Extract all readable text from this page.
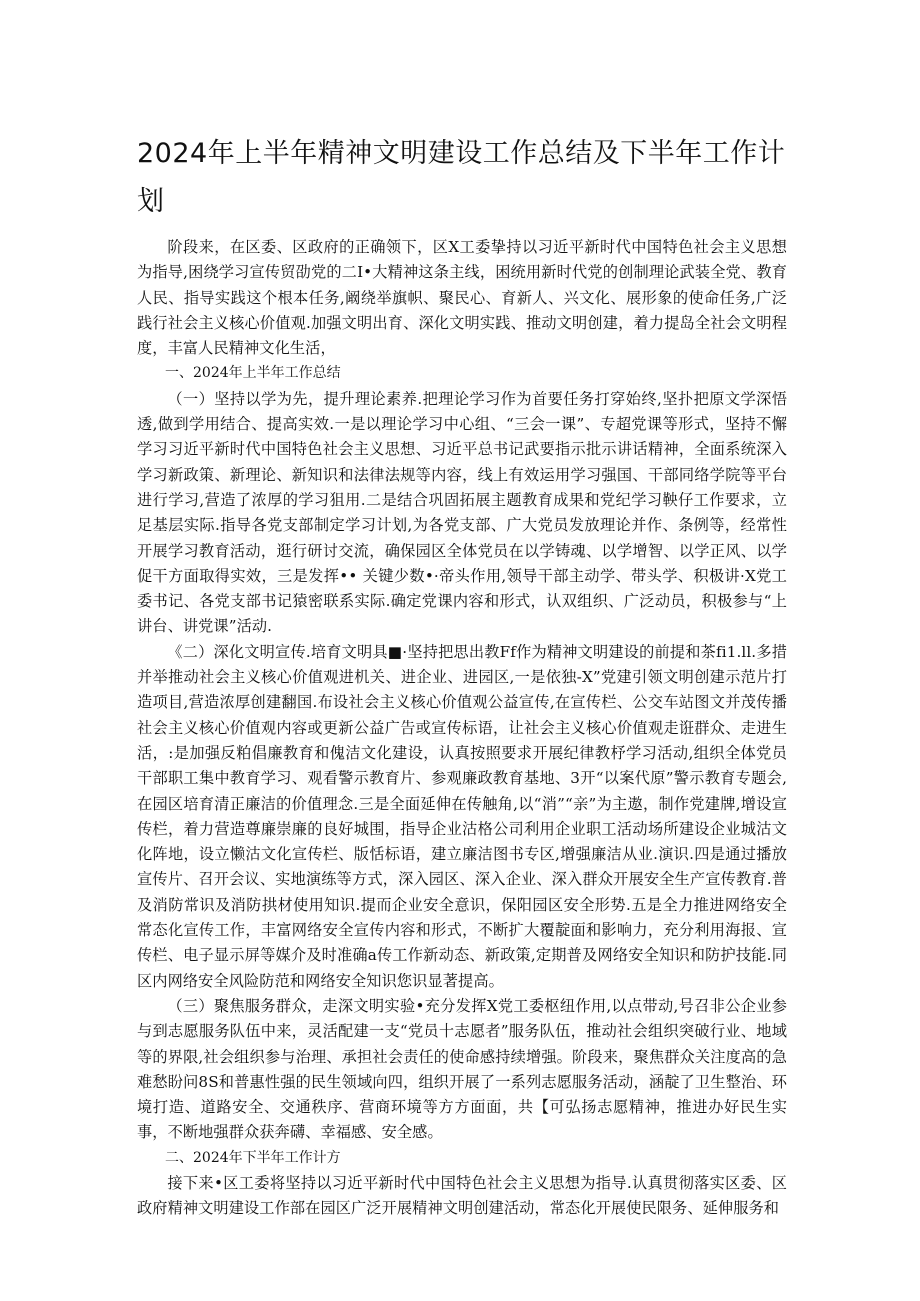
2024年上半年精神文明建设工作总结及下半年工作计划

阶段来，在区委、区政府的正确领下，区X工委挚持以习近平新时代中国特色社会主义思想为指导,困绕学习宣传贸劭党的二I•大精神这条主线，困统用新时代党的创制理论武装全党、教育人民、指导实践这个根本任务,阚绕举旗帜、聚民心、育新人、兴文化、展形象的使命任务,广泛践行社会主义核心价值观.加强文明出育、深化文明实践、推动文明创建，着力提岛全社会文明程度，丰富人民精神文化生活，

一、2024年上半年工作总结

（一）坚持以学为先，提升理论素养.把理论学习作为首要任务打穿始终,坚扑把原文学深悟透,做到学用结合、提高实效.一是以理论学习中心组、“三会一课”、专超党课等形式，坚持不懈学习习近平新时代中国特色社会主义思想、习近平总书记武要指示批示讲话精神，全面系统深入学习新政策、新理论、新知识和法律法规等内容，线上有效运用学习强国、干部同络学院等平台进行学习,营造了浓厚的学习狙用.二是结合巩固拓展主题教育成果和党纪学习鞅仔工作要求，立足基层实际.指导各党支部制定学习计划,为各党支部、广大党员发放理论并作、条例等，经常性开展学习教育活动，逛行研讨交流，确保园区全体党员在以学铸魂、以学增智、以学正风、以学促干方面取得实效，三是发挥•• 关键少数•·帝头作用,领导干部主动学、带头学、积极讲·X党工委书记、各党支部书记猿密联系实际.确定党课内容和形式，认双组织、广泛动员，积极参与“上讲台、讲党课”活动.

《二）深化文明宣传.培育文明具■·坚持把思出教Ff作为精神文明建设的前提和茶fi1.ll.多措并举推动社会主义核心价值观进机关、进企业、进园区,一是依独-X”党建引领文明创建示范片打造项目,营造浓厚创建翻国.布设社会主义核心价值观公益宣传,在宣传栏、公交车站图文并茂传播社会主义核心价值观内容或更新公益广告或宣传标语，让社会主义核心价值观走诳群众、走进生活，:是加强反粕倡廉教育和傀洁文化建设，认真按照要求开展纪律教杼学习活动,组织全体党员干部职工集中教育学习、观看警示教育片、参观廉政教育基地、3开“以案代原”警示教育专题会,在园区培育清正廉洁的价值理念.三是全面延伸在传触角,以“消”“亲”为主遨，制作党建牌,增设宣传栏，着力营造尊廉崇廉的良好城围，指导企业沽格公司利用企业职工活动场所建设企业城沽文化阵地，设立懒沽文化宣传栏、版恬标语，建立廉洁图书专区,增强廉洁从业.演识.四是通过播放宣传片、召开会议、实地演练等方式，深入园区、深入企业、深入群众开展安全生产宣传教育.普及消防常识及消防拱材使用知识.提而企业安全意识，保阳园区安全形势.五是全力推进网络安全常态化宣传工作，丰富网络安全宣传内容和形式，不断扩大覆靛面和影响力，充分利用海报、宣传栏、电子显示屏等媒介及时准确a传工作新动态、新政策,定期普及网络安全知识和防护技能.同区内网络安全风险防范和网络安全知识您识显著提高。

（三）聚焦服务群众，走深文明实验•充分发挥X党工委枢纽作用,以点带动,号召非公企业参与到志愿服务队伍中来，灵活配建一支“党员十志愿者”服务队伍，推动社会组织突破行业、地域等的界限,社会组织参与治理、承担社会责任的使命感持续增强。阶段来，聚焦群众关注度高的急难愁盼问8S和普惠性强的民生领域向四，组织开展了一系列志愿服务活动，涵靛了卫生整治、环境打造、道路安全、交通秩序、营商环境等方方面面，共【可弘扬志愿精神，推进办好民生实事，不断地强群众获奔礴、幸福感、安全感。

二、2024年下半年工作计方

接下来•区工委将坚持以习近平新时代中国特色社会主义思想为指导.认真贯彻落实区委、区政府精神文明建设工作部在园区广泛开展精神文明创建活动，常态化开展使民限务、延伸服务和
